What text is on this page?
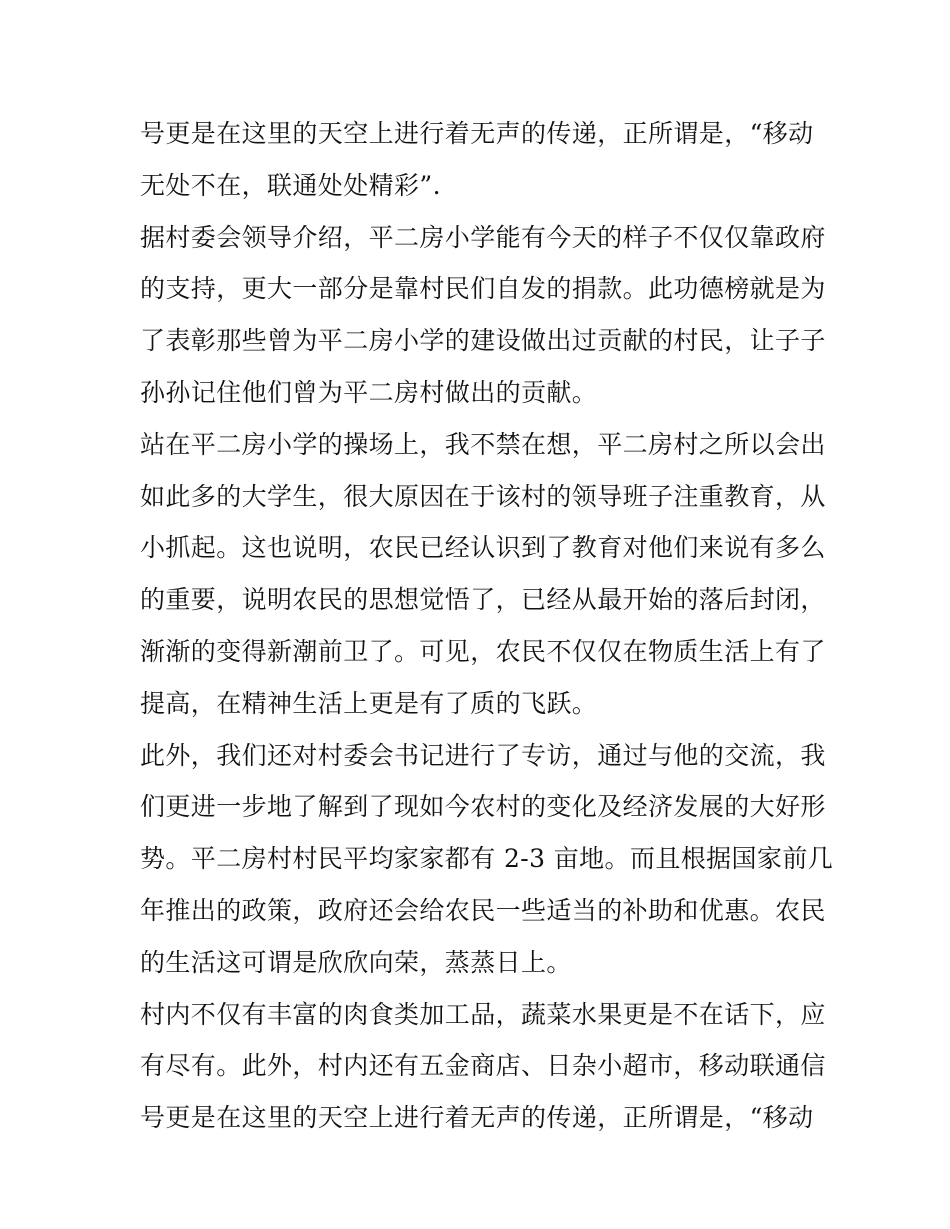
号更是在这里的天空上进行着无声的传递，正所谓是，“移动
无处不在，联通处处精彩”.
据村委会领导介绍，平二房小学能有今天的样子不仅仅靠政府
的支持，更大一部分是靠村民们自发的捐款。此功德榜就是为
了表彰那些曾为平二房小学的建设做出过贡献的村民，让子子
孙孙记住他们曾为平二房村做出的贡献。
站在平二房小学的操场上，我不禁在想，平二房村之所以会出
如此多的大学生，很大原因在于该村的领导班子注重教育，从
小抓起。这也说明，农民已经认识到了教育对他们来说有多么
的重要，说明农民的思想觉悟了，已经从最开始的落后封闭，
渐渐的变得新潮前卫了。可见，农民不仅仅在物质生活上有了
提高，在精神生活上更是有了质的飞跃。
此外，我们还对村委会书记进行了专访，通过与他的交流，我
们更进一步地了解到了现如今农村的变化及经济发展的大好形
势。平二房村村民平均家家都有 2-3 亩地。而且根据国家前几
年推出的政策，政府还会给农民一些适当的补助和优惠。农民
的生活这可谓是欣欣向荣，蒸蒸日上。
村内不仅有丰富的肉食类加工品，蔬菜水果更是不在话下，应
有尽有。此外，村内还有五金商店、日杂小超市，移动联通信
号更是在这里的天空上进行着无声的传递，正所谓是，“移动
